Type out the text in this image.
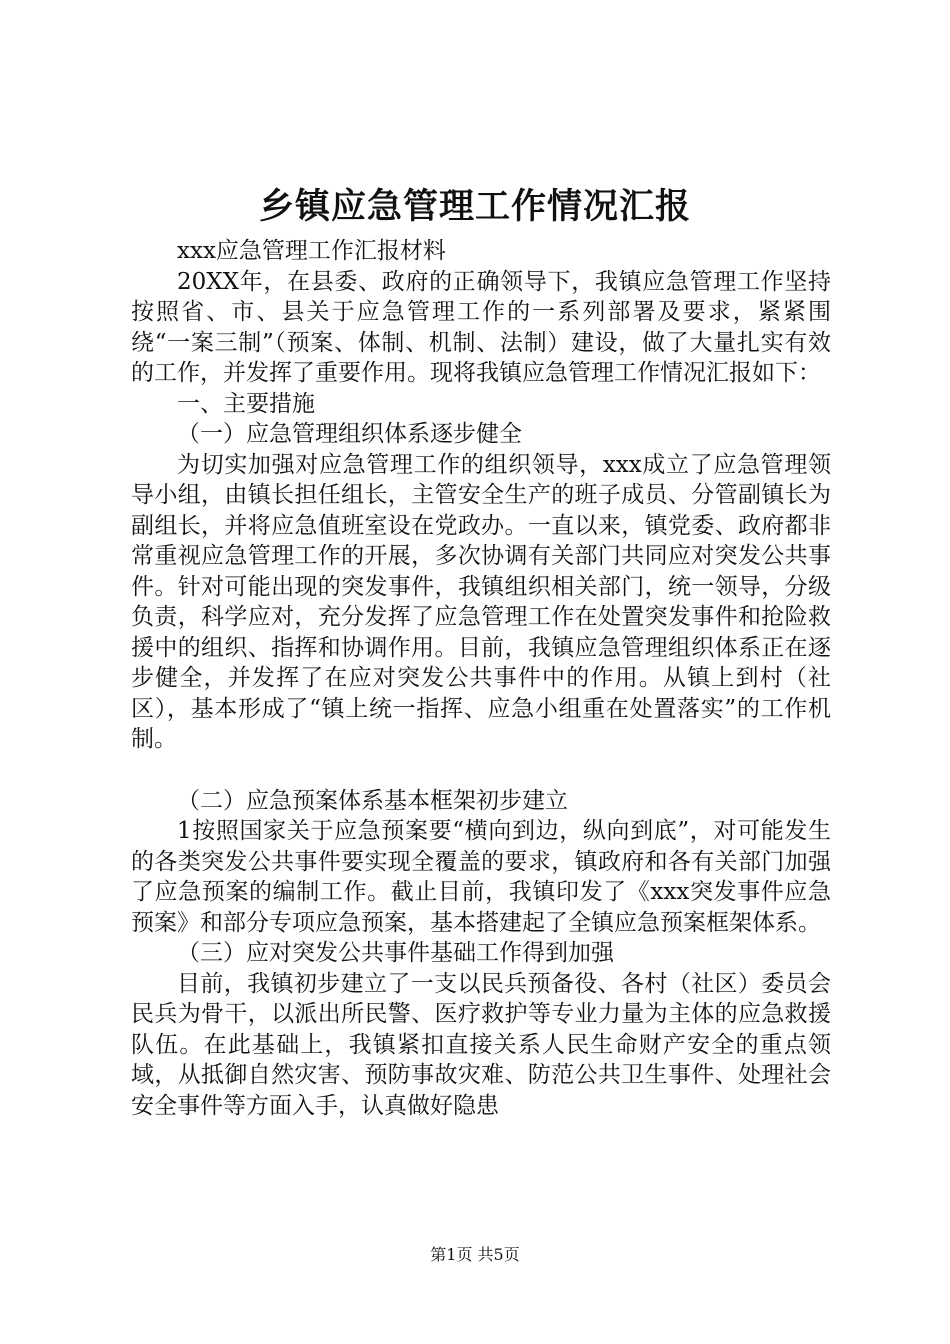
乡镇应急管理工作情况汇报

xxx应急管理工作汇报材料

20XX年，在县委、政府的正确领导下，我镇应急管理工作坚持按照省、市、县关于应急管理工作的一系列部署及要求，紧紧围绕“一案三制”（预案、体制、机制、法制）建设，做了大量扎实有效的工作，并发挥了重要作用。现将我镇应急管理工作情况汇报如下：

一、主要措施

（一）应急管理组织体系逐步健全

为切实加强对应急管理工作的组织领导，xxx成立了应急管理领导小组，由镇长担任组长，主管安全生产的班子成员、分管副镇长为副组长，并将应急值班室设在党政办。一直以来，镇党委、政府都非常重视应急管理工作的开展，多次协调有关部门共同应对突发公共事件。针对可能出现的突发事件，我镇组织相关部门，统一领导，分级负责，科学应对，充分发挥了应急管理工作在处置突发事件和抢险救援中的组织、指挥和协调作用。目前，我镇应急管理组织体系正在逐步健全，并发挥了在应对突发公共事件中的作用。从镇上到村（社区），基本形成了“镇上统一指挥、应急小组重在处置落实”的工作机制。

（二）应急预案体系基本框架初步建立

1按照国家关于应急预案要“横向到边，纵向到底”，对可能发生的各类突发公共事件要实现全覆盖的要求，镇政府和各有关部门加强了应急预案的编制工作。截止目前，我镇印发了《xxx突发事件应急预案》和部分专项应急预案，基本搭建起了全镇应急预案框架体系。

（三）应对突发公共事件基础工作得到加强

目前，我镇初步建立了一支以民兵预备役、各村（社区）委员会民兵为骨干，以派出所民警、医疗救护等专业力量为主体的应急救援队伍。在此基础上，我镇紧扣直接关系人民生命财产安全的重点领域，从抵御自然灾害、预防事故灾难、防范公共卫生事件、处理社会安全事件等方面入手，认真做好隐患

第1页 共5页
